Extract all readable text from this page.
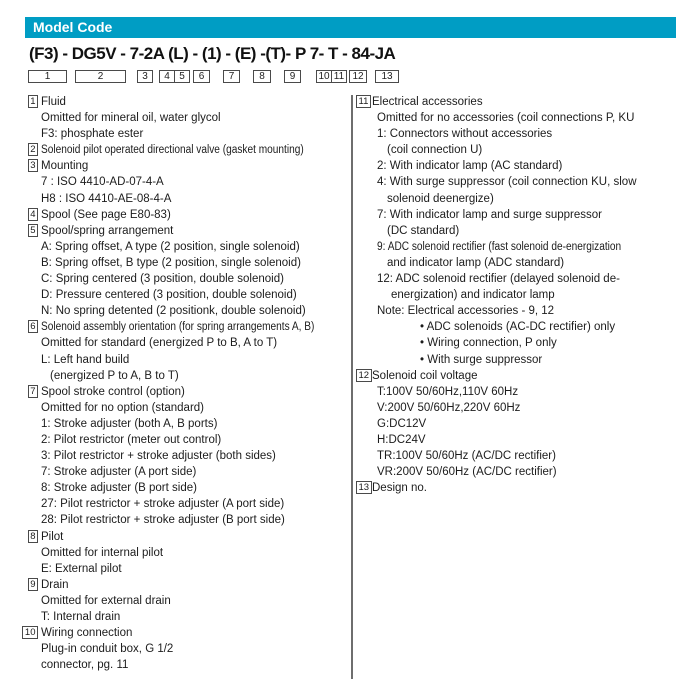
Model Code
(F3) - DG5V - 7-2A (L) - (1) - (E) -(T)- P 7- T - 84-JA
1	2	3	4 5	6	7	8	9	10 11 12	13
1 Fluid
Omitted for mineral oil, water glycol
F3: phosphate ester
2 Solenoid pilot operated directional valve (gasket mounting)
3 Mounting
7 : ISO 4410-AD-07-4-A
H8 : ISO 4410-AE-08-4-A
4 Spool (See page E80-83)
5 Spool/spring arrangement
A: Spring offset, A type (2 position, single solenoid)
B: Spring offset, B type (2 position, single solenoid)
C: Spring centered (3 position, double solenoid)
D: Pressure centered (3 position, double solenoid)
N: No spring detented (2 positionk, double solenoid)
6 Solenoid assembly orientation (for spring arrangements A, B)
Omitted for standard (energized P to B, A to T)
L: Left hand build
(energized P to A, B to T)
7 Spool stroke control (option)
Omitted for no option (standard)
1: Stroke adjuster (both A, B ports)
2: Pilot restrictor (meter out control)
3: Pilot restrictor + stroke adjuster (both sides)
7: Stroke adjuster (A port side)
8: Stroke adjuster (B port side)
27: Pilot restrictor + stroke adjuster (A port side)
28: Pilot restrictor + stroke adjuster (B port side)
8 Pilot
Omitted for internal pilot
E: External pilot
9 Drain
Omitted for external drain
T: Internal drain
10 Wiring connection
Plug-in conduit box, G 1/2
connector, pg. 11
11 Electrical accessories
Omitted for no accessories (coil connections P, KU
1: Connectors without accessories
(coil connection U)
2: With indicator lamp (AC standard)
4: With surge suppressor (coil connection KU, slow
solenoid deenergize)
7: With indicator lamp and surge suppressor
(DC standard)
9: ADC solenoid rectifier (fast solenoid de-energization
and indicator lamp (ADC standard)
12: ADC solenoid rectifier (delayed solenoid de-
energization) and indicator lamp
Note: Electrical accessories - 9, 12
• ADC solenoids (AC-DC rectifier) only
• Wiring connection, P only
• With surge suppressor
12 Solenoid coil voltage
T:100V 50/60Hz,110V 60Hz
V:200V 50/60Hz,220V 60Hz
G:DC12V
H:DC24V
TR:100V 50/60Hz (AC/DC rectifier)
VR:200V 50/60Hz (AC/DC rectifier)
13 Design no.
